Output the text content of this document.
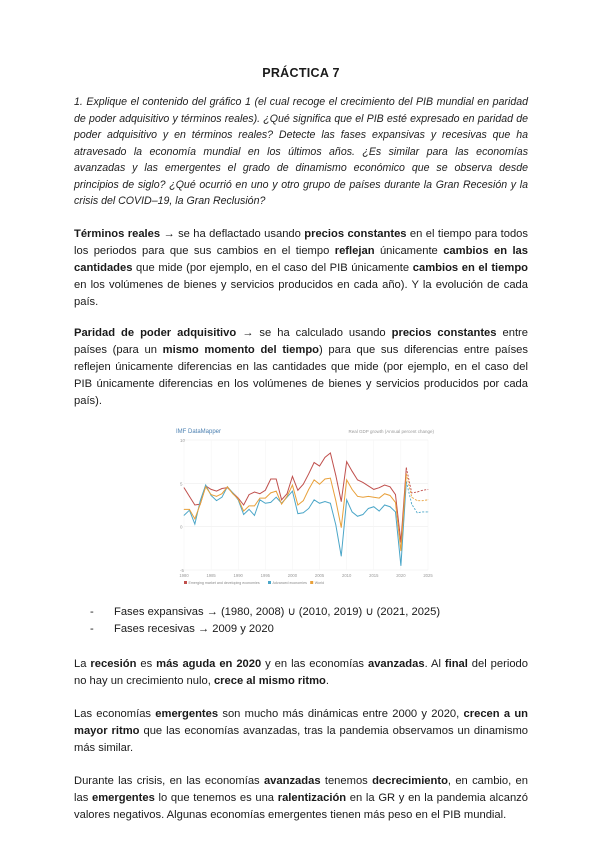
PRÁCTICA 7

1. Explique el contenido del gráfico 1 (el cual recoge el crecimiento del PIB mundial en paridad de poder adquisitivo y términos reales). ¿Qué significa que el PIB esté expresado en paridad de poder adquisitivo y en términos reales? Detecte las fases expansivas y recesivas que ha atravesado la economía mundial en los últimos años. ¿Es similar para las economías avanzadas y las emergentes el grado de dinamismo económico que se observa desde principios de siglo? ¿Qué ocurrió en uno y otro grupo de países durante la Gran Recesión y la crisis del COVID–19, la Gran Reclusión?

Términos reales → se ha deflactado usando precios constantes en el tiempo para todos los periodos para que sus cambios en el tiempo reflejan únicamente cambios en las cantidades que mide (por ejemplo, en el caso del PIB únicamente cambios en el tiempo en los volúmenes de bienes y servicios producidos en cada año). Y la evolución de cada país.

Paridad de poder adquisitivo → se ha calculado usando precios constantes entre países (para un mismo momento del tiempo) para que sus diferencias entre países reflejen únicamente diferencias en las cantidades que mide (por ejemplo, en el caso del PIB únicamente diferencias en los volúmenes de bienes y servicios producidos por cada país).

IMF DataMapper	Real GDP growth (Annual percent change)
10
5
0
-5
1980	1985	1990	1995	2000	2005	2010	2015	2020	2025
Emerging market and developing economies	Advanced economies World
- Fases expansivas → (1980, 2008) ∪ (2010, 2019) ∪ (2021, 2025)
- Fases recesivas → 2009 y 2020

La recesión es más aguda en 2020 y en las economías avanzadas. Al final del periodo no hay un crecimiento nulo, crece al mismo ritmo.

Las economías emergentes son mucho más dinámicas entre 2000 y 2020, crecen a un mayor ritmo que las economías avanzadas, tras la pandemia observamos un dinamismo más similar.

Durante las crisis, en las economías avanzadas tenemos decrecimiento, en cambio, en las emergentes lo que tenemos es una ralentización en la GR y en la pandemia alcanzó valores negativos. Algunas economías emergentes tienen más peso en el PIB mundial.
